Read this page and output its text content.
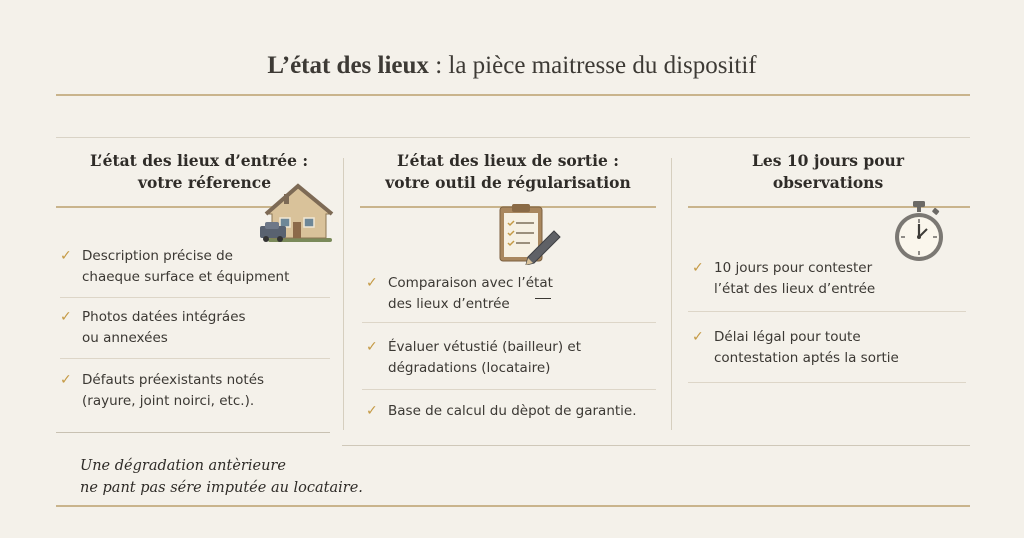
L’état des lieux : la pièce maitresse du dispositif
L’état des lieux d’entrée :
votre réference
✓ Description précise de
chaeque surface et équipment
✓ Photos datées intégráes
ou annexées
✓ Défauts préexistants notés
(rayure, joint noirci, etc.).
L’état des lieux de sortie :
votre outil de régularisation
✓ Comparaison avec l’état
des lieux d’entrée
✓ Évaluer vétustié (bailleur) et
dégradations (locataire)
✓ Base de calcul du dèpot de garantie.
Les 10 jours pour
observations
✓ 10 jours pour contester
l’état des lieux d’entrée
✓ Délai légal pour toute
contestation aptés la sortie
Une dégradation antèrieure
ne pant pas sére imputée au locataire.
